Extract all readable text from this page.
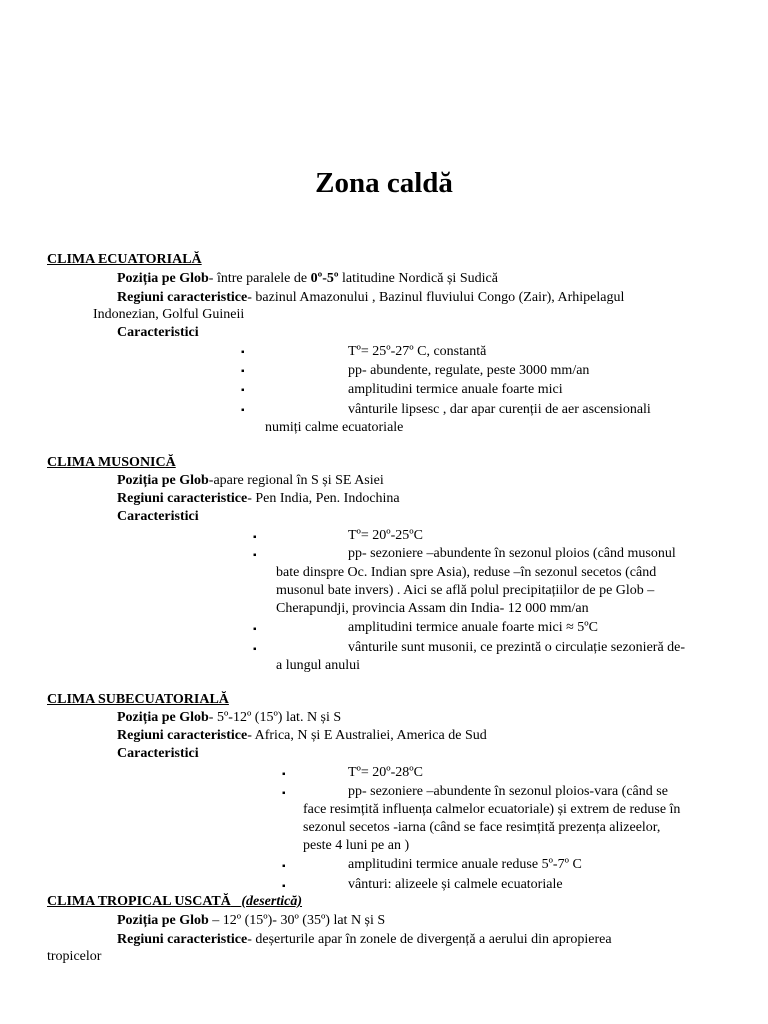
Zona caldă
CLIMA ECUATORIALĂ
Poziția pe Glob- între paralele de 0º-5º latitudine Nordică și Sudică
Regiuni caracteristice- bazinul Amazonului , Bazinul fluviului Congo (Zair), Arhipelagul
Indonezian, Golful Guineii
Caracteristici
▪	Tº= 25º-27º C, constantă
▪	pp- abundente, regulate, peste 3000 mm/an
▪	amplitudini termice anuale foarte mici
▪	vânturile lipsesc , dar apar curenții de aer ascensionali
numiți calme ecuatoriale
CLIMA MUSONICĂ
Poziția pe Glob-apare regional în S și SE Asiei
Regiuni caracteristice- Pen India, Pen. Indochina
Caracteristici
▪	Tº= 20º-25ºC
▪	pp- sezoniere –abundente în sezonul ploios (când musonul
bate dinspre Oc. Indian spre Asia), reduse –în sezonul secetos (când
musonul bate invers) . Aici se află polul precipitațiilor de pe Glob –
Cherapundji, provincia Assam din India- 12 000 mm/an
▪	amplitudini termice anuale foarte mici ≈ 5ºC
▪	vânturile sunt musonii, ce prezintă o circulație sezonieră de-
a lungul anului
CLIMA SUBECUATORIALĂ
Poziția pe Glob- 5º-12º (15º) lat. N și S
Regiuni caracteristice- Africa, N și E Australiei, America de Sud
Caracteristici
▪	Tº= 20º-28ºC
▪	pp- sezoniere –abundente în sezonul ploios-vara (când se
face resimțită influența calmelor ecuatoriale) și extrem de reduse în
sezonul secetos -iarna (când se face resimțită prezența alizeelor,
peste 4 luni pe an )
▪	amplitudini termice anuale reduse 5º-7º C
▪	vânturi: alizeele și calmele ecuatoriale
CLIMA TROPICAL USCATĂ (desertică)
Poziția pe Glob – 12º (15º)- 30º (35º) lat N și S
Regiuni caracteristice- deșerturile apar în zonele de divergență a aerului din apropierea
tropicelor
